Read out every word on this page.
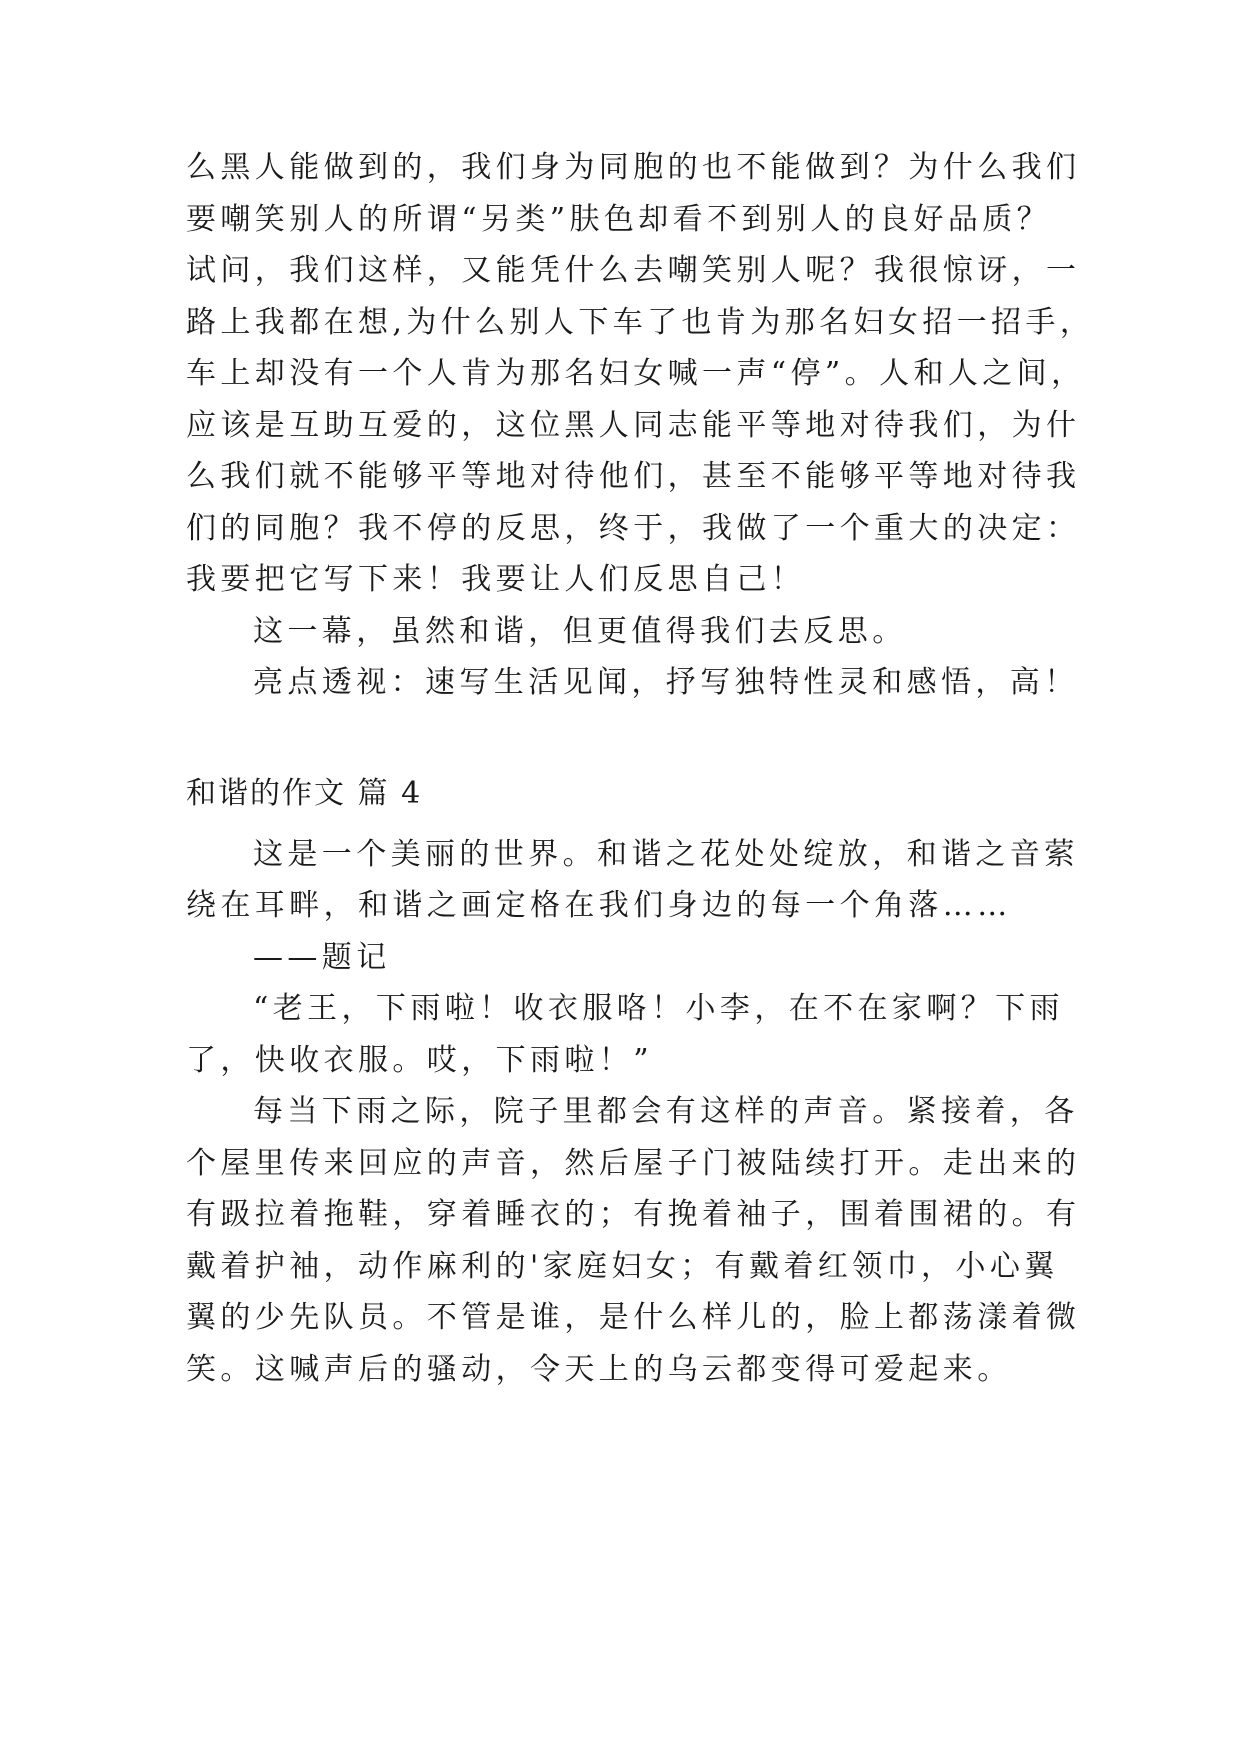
么黑人能做到的，我们身为同胞的也不能做到？为什么我们
要嘲笑别人的所谓“另类”肤色却看不到别人的良好品质？
试问，我们这样，又能凭什么去嘲笑别人呢？我很惊讶，一
路上我都在想,为什么别人下车了也肯为那名妇女招一招手，
车上却没有一个人肯为那名妇女喊一声“停”。人和人之间，
应该是互助互爱的，这位黑人同志能平等地对待我们，为什
么我们就不能够平等地对待他们，甚至不能够平等地对待我
们的同胞？我不停的反思，终于，我做了一个重大的决定：
我要把它写下来！我要让人们反思自己！
这一幕，虽然和谐，但更值得我们去反思。
亮点透视：速写生活见闻，抒写独特性灵和感悟，高！
和谐的作文 篇 4
这是一个美丽的世界。和谐之花处处绽放，和谐之音萦
绕在耳畔，和谐之画定格在我们身边的每一个角落……
——题记
“老王，下雨啦！收衣服咯！小李，在不在家啊？下雨
了，快收衣服。哎，下雨啦！”
每当下雨之际，院子里都会有这样的声音。紧接着，各
个屋里传来回应的声音，然后屋子门被陆续打开。走出来的
有趿拉着拖鞋，穿着睡衣的；有挽着袖子，围着围裙的。有
戴着护袖，动作麻利的'家庭妇女；有戴着红领巾，小心翼
翼的少先队员。不管是谁，是什么样儿的，脸上都荡漾着微
笑。这喊声后的骚动，令天上的乌云都变得可爱起来。
